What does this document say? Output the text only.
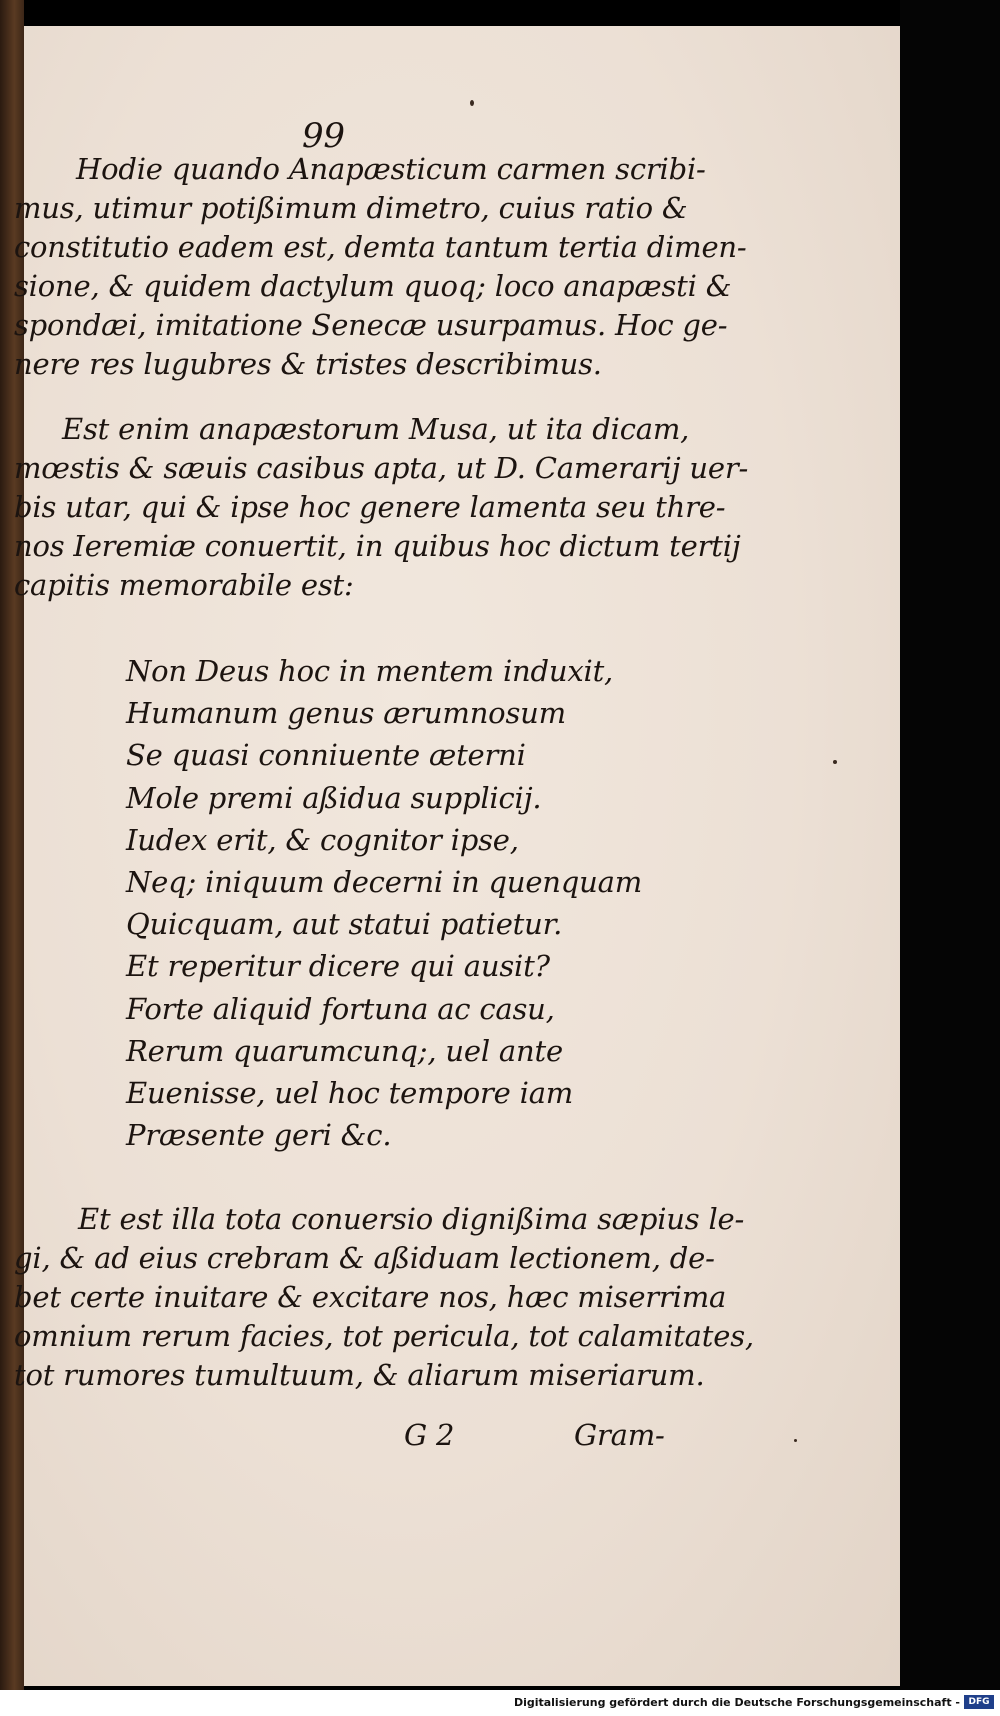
99
Hodie quando Anapæsticum carmen scribi-
mus, utimur potißimum dimetro, cuius ratio &
constitutio eadem est, demta tantum tertia dimen-
sione, & quidem dactylum quoq; loco anapæsti &
spondæi, imitatione Senecæ usurpamus. Hoc ge-
nere res lugubres & tristes describimus.
Est enim anapæstorum Musa, ut ita dicam,
mœstis & sæuis casibus apta, ut D. Camerarij uer-
bis utar, qui & ipse hoc genere lamenta seu thre-
nos Ieremiæ conuertit, in quibus hoc dictum tertij
capitis memorabile est:
Non Deus hoc in mentem induxit,
Humanum genus ærumnosum
Se quasi conniuente æterni
Mole premi aßidua supplicij.
Iudex erit, & cognitor ipse,
Neq; iniquum decerni in quenquam
Quicquam, aut statui patietur.
Et reperitur dicere qui ausit?
Forte aliquid fortuna ac casu,
Rerum quarumcunq;, uel ante
Euenisse, uel hoc tempore iam
Præsente geri &c.
Et est illa tota conuersio dignißima sæpius le-
gi, & ad eius crebram & aßiduam lectionem, de-
bet certe inuitare & excitare nos, hæc miserrima
omnium rerum facies, tot pericula, tot calamitates,
tot rumores tumultuum, & aliarum miseriarum.
G 2	Gram-
Digitalisierung gefördert durch die Deutsche Forschungsgemeinschaft - DFG
